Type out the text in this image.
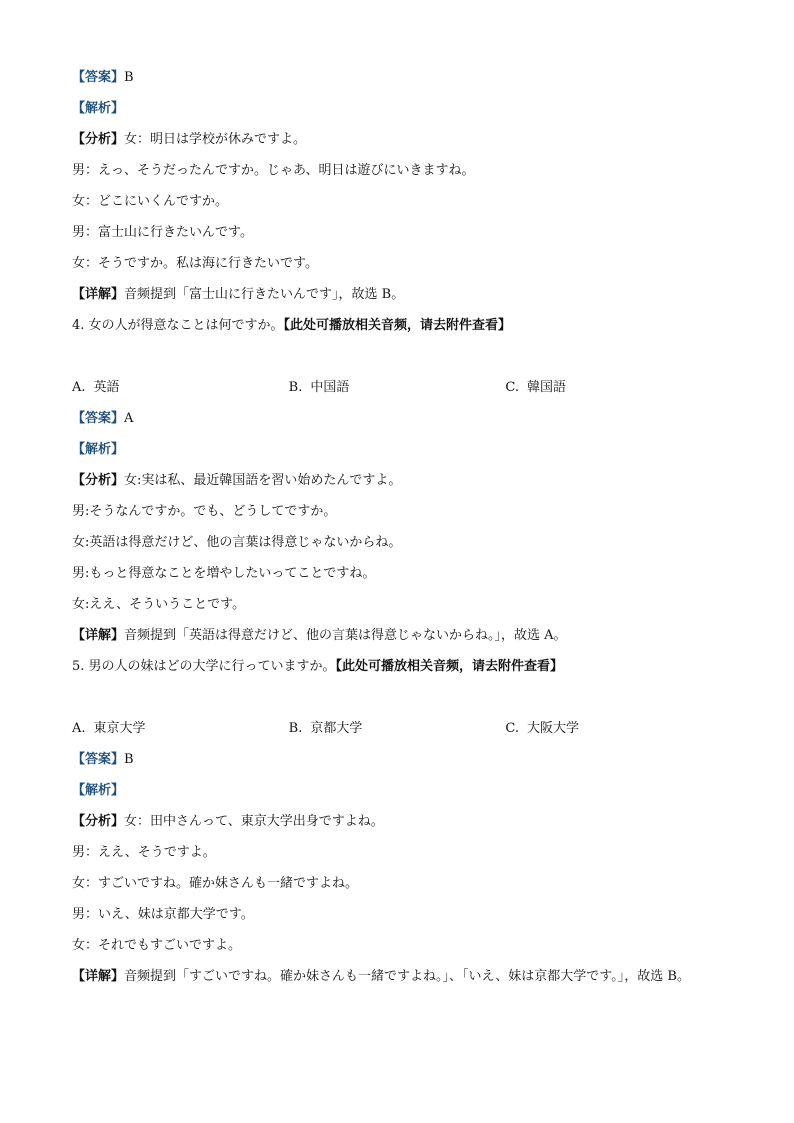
【答案】B
【解析】
【分析】女：明日は学校が休みですよ。
男：えっ、そうだったんですか。じゃあ、明日は遊びにいきますね。
女：どこにいくんですか。
男：富士山に行きたいんです。
女：そうですか。私は海に行きたいです。
【详解】音频提到「富士山に行きたいんです」，故选 B。
4. 女の人が得意なことは何ですか。【此处可播放相关音频，请去附件查看】
A. 英語	B. 中国語	C. 韓国語
【答案】A
【解析】
【分析】女:実は私、最近韓国語を習い始めたんですよ。
男:そうなんですか。でも、どうしてですか。
女:英語は得意だけど、他の言葉は得意じゃないからね。
男:もっと得意なことを増やしたいってことですね。
女:ええ、そういうことです。
【详解】音频提到「英語は得意だけど、他の言葉は得意じゃないからね。」，故选 A。
5. 男の人の妹はどの大学に行っていますか。【此处可播放相关音频，请去附件查看】
A. 東京大学	B. 京都大学	C. 大阪大学
【答案】B
【解析】
【分析】女：田中さんって、東京大学出身ですよね。
男：ええ、そうですよ。
女：すごいですね。確か妹さんも一緒ですよね。
男：いえ、妹は京都大学です。
女：それでもすごいですよ。
【详解】音频提到「すごいですね。確か妹さんも一緒ですよね。」、「いえ、妹は京都大学です。」，故选 B。
